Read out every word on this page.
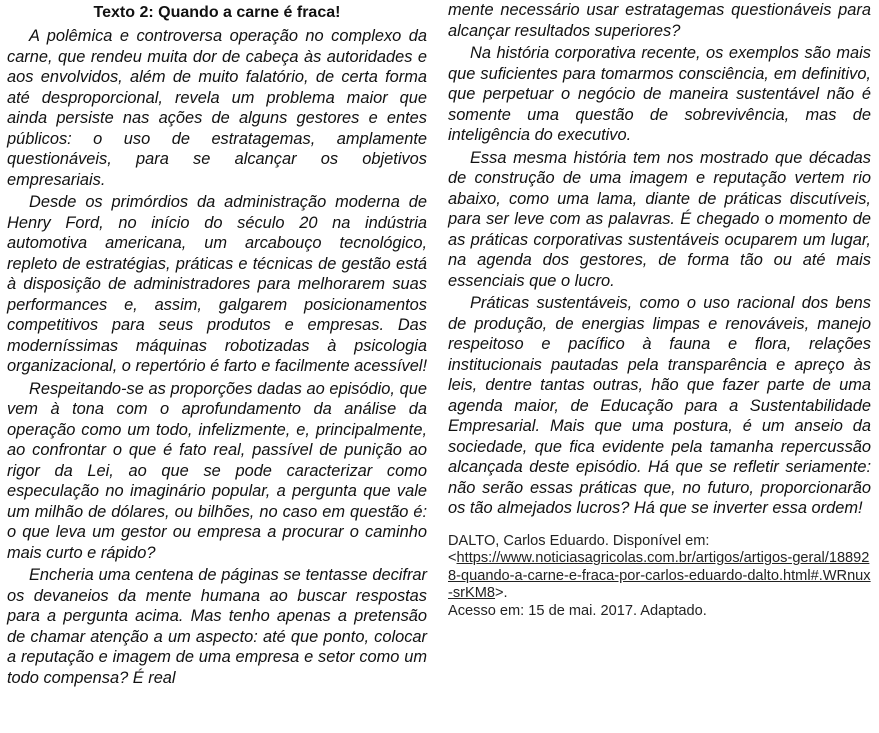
Texto 2: Quando a carne é fraca!

A polêmica e controversa operação no complexo da carne, que rendeu muita dor de cabeça às autoridades e aos envolvidos, além de muito falatório, de certa forma até desproporcional, revela um problema maior que ainda persiste nas ações de alguns gestores e entes públicos: o uso de estratagemas, amplamente questionáveis, para se alcançar os objetivos empresariais.

Desde os primórdios da administração moderna de Henry Ford, no início do século 20 na indústria automotiva americana, um arcabouço tecnológico, repleto de estratégias, práticas e técnicas de gestão está à disposição de administradores para melhorarem suas performances e, assim, galgarem posicionamentos competitivos para seus produtos e empresas. Das moderníssimas máquinas robotizadas à psicologia organizacional, o repertório é farto e facilmente acessível!

Respeitando-se as proporções dadas ao episódio, que vem à tona com o aprofundamento da análise da operação como um todo, infelizmente, e, principalmente, ao confrontar o que é fato real, passível de punição ao rigor da Lei, ao que se pode caracterizar como especulação no imaginário popular, a pergunta que vale um milhão de dólares, ou bilhões, no caso em questão é: o que leva um gestor ou empresa a procurar o caminho mais curto e rápido?

Encheria uma centena de páginas se tentasse decifrar os devaneios da mente humana ao buscar respostas para a pergunta acima. Mas tenho apenas a pretensão de chamar atenção a um aspecto: até que ponto, colocar a reputação e imagem de uma empresa e setor como um todo compensa? É real

mente necessário usar estratagemas questionáveis para alcançar resultados superiores?

Na história corporativa recente, os exemplos são mais que suficientes para tomarmos consciência, em definitivo, que perpetuar o negócio de maneira sustentável não é somente uma questão de sobrevivência, mas de inteligência do executivo.

Essa mesma história tem nos mostrado que décadas de construção de uma imagem e reputação vertem rio abaixo, como uma lama, diante de práticas discutíveis, para ser leve com as palavras. É chegado o momento de as práticas corporativas sustentáveis ocuparem um lugar, na agenda dos gestores, de forma tão ou até mais essenciais que o lucro.

Práticas sustentáveis, como o uso racional dos bens de produção, de energias limpas e renováveis, manejo respeitoso e pacífico à fauna e flora, relações institucionais pautadas pela transparência e apreço às leis, dentre tantas outras, hão que fazer parte de uma agenda maior, de Educação para a Sustentabilidade Empresarial. Mais que uma postura, é um anseio da sociedade, que fica evidente pela tamanha repercussão alcançada deste episódio. Há que se refletir seriamente: não serão essas práticas que, no futuro, proporcionarão os tão almejados lucros? Há que se inverter essa ordem!

DALTO, Carlos Eduardo. Disponível em:
<https://www.noticiasagricolas.com.br/artigos/artigos-geral/188928-quando-a-carne-e-fraca-por-carlos-eduardo-dalto.html#.WRnux-srKM8>.
Acesso em: 15 de mai. 2017. Adaptado.
